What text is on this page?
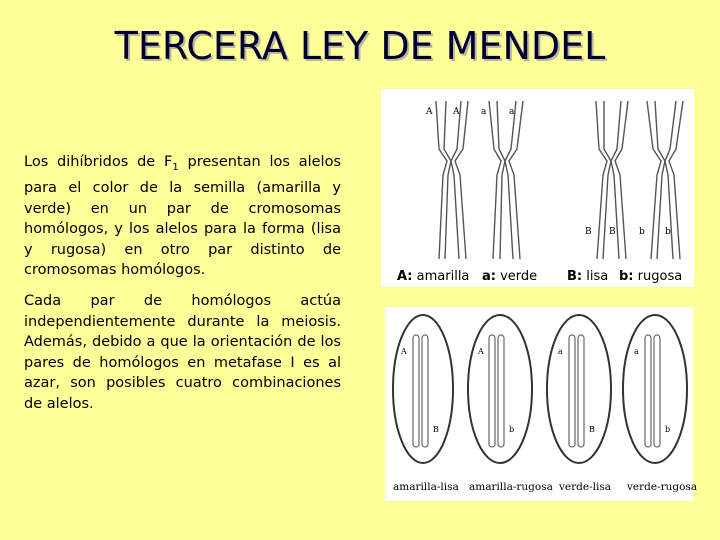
TERCERA LEY DE MENDEL
Los dihíbridos de $F_1$ presentan los alelos para el color de la semilla (amarilla y verde) en un par de cromosomas homólogos, y los alelos para la forma (lisa y rugosa) en otro par distinto de cromosomas homólogos.
Cada par de homólogos actúa independientemente durante la meiosis. Además, debido a que la orientación de los pares de homólogos en metafase I es al azar, son posibles cuatro combinaciones de alelos.
A A a	a
B B	b b
A: amarilla a: verde B: lisa b: rugosa
A
B
A
b
a
B
a
b
amarilla-lisa amarilla-rugosa verde-lisa verde-rugosa
